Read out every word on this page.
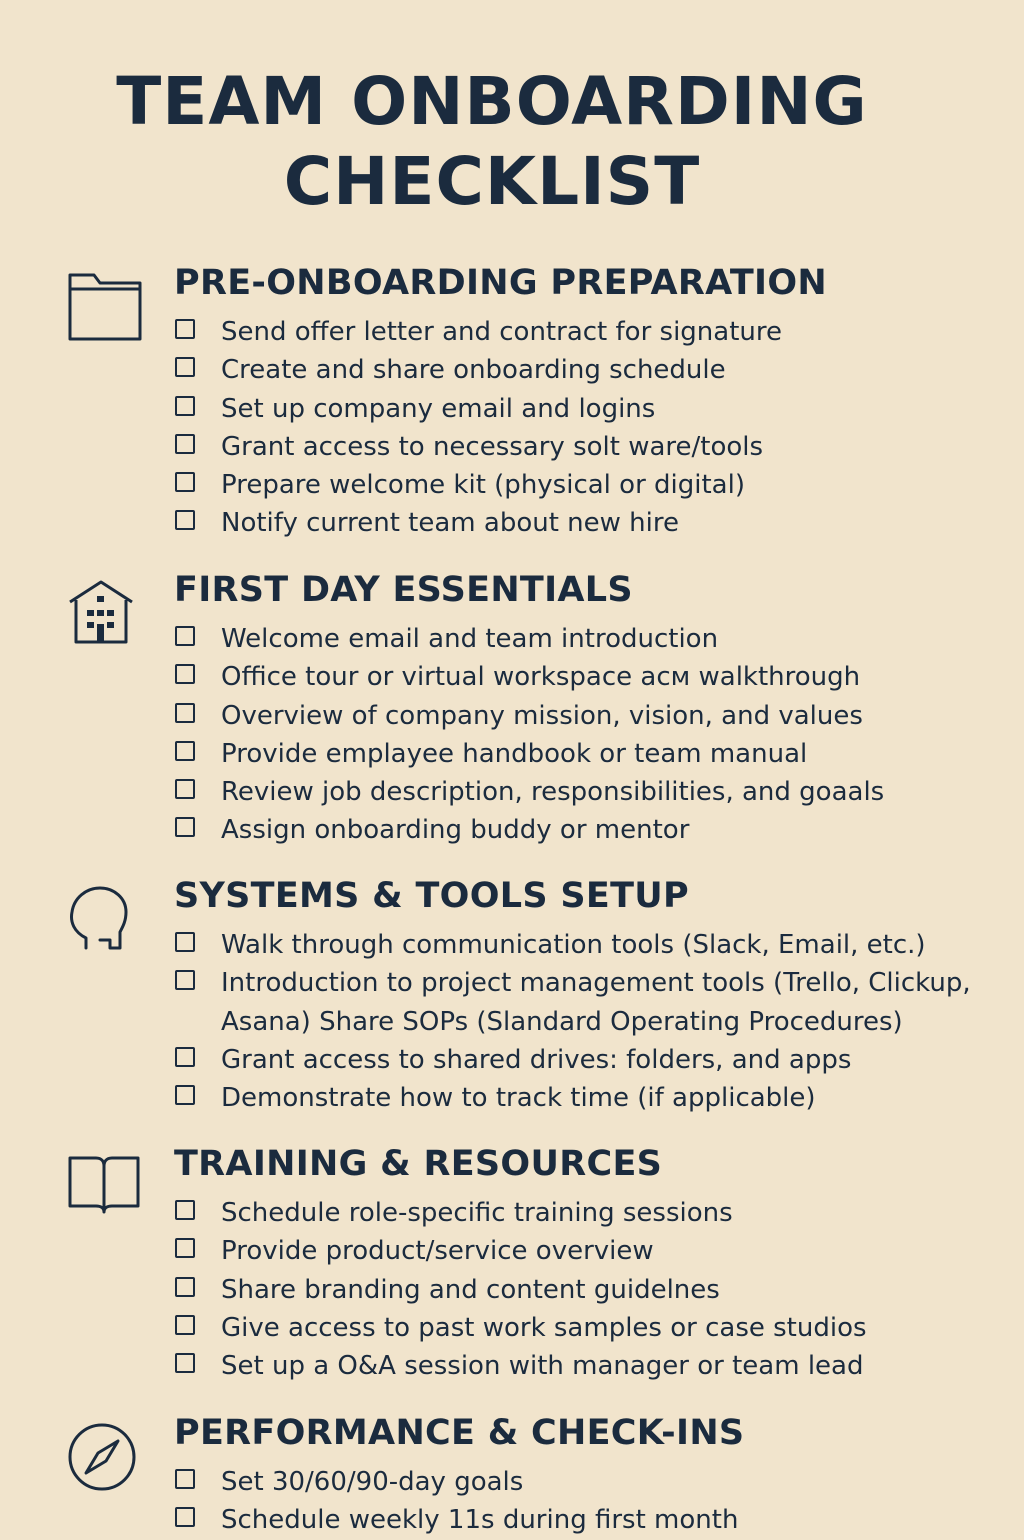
TEAM ONBOARDING
CHECKLIST
PRE-ONBOARDING PREPARATION
Send offer letter and contract for signature
Create and share onboarding schedule
Set up company email and logins
Grant access to necessary solt ware/tools
Prepare welcome kit (physical or digital)
Notify current team about new hire
FIRST DAY ESSENTIALS
Welcome email and team introduction
Office tour or virtual workspace acм walkthrough
Overview of company mission, vision, and values
Provide emplayee handbook or team manual
Review job description, responsibilities, and goaals
Assign onboarding buddy or mentor
SYSTEMS & TOOLS SETUP
Walk through communication tools (Slack, Email, etc.)
Introduction to project management tools (Trello, Clickup, Asana) Share SOPs (Slandard Operating Procedures)
Grant access to shared drives: folders, and apps
Demonstrate how to track time (if applicable)
TRAINING & RESOURCES
Schedule role-specific training sessions
Provide product/service overview
Share branding and content guidelnes
Give access to past work samples or case studios
Set up a O&A session with manager or team lead
PERFORMANCE & CHECK-INS
Set 30/60/90-day goals
Schedule weekly 11s during first month
